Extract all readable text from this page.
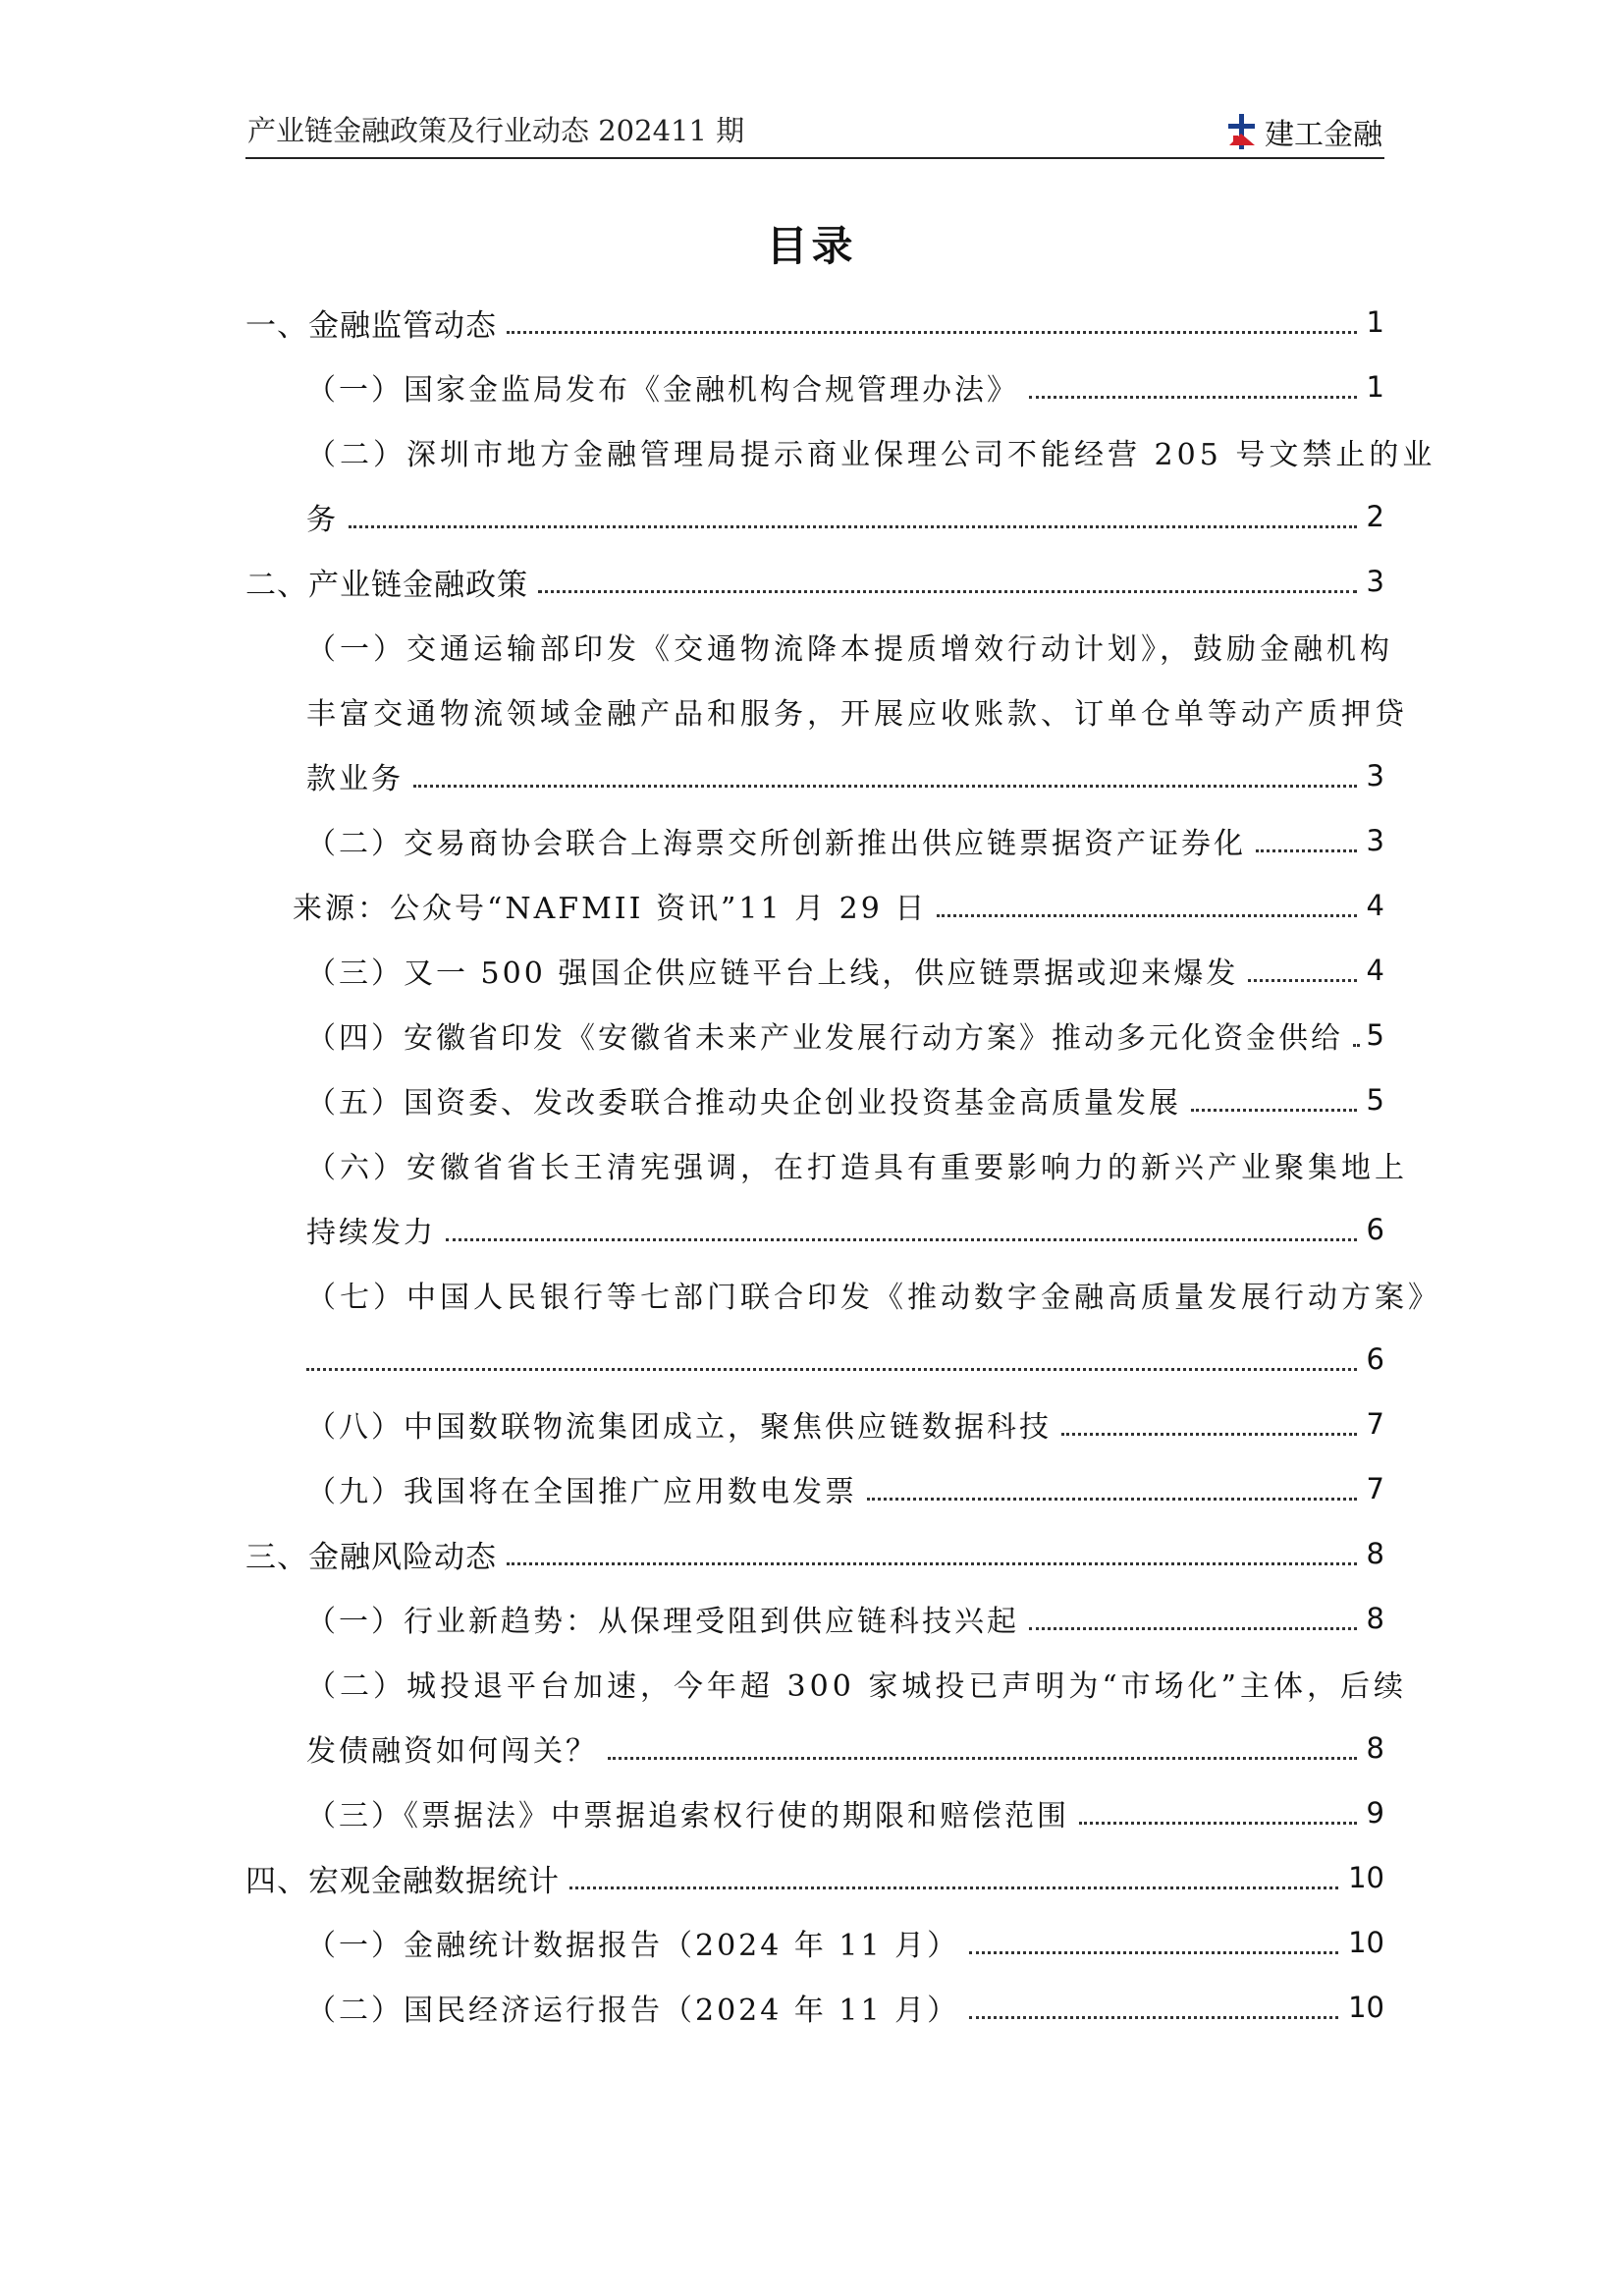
产业链金融政策及行业动态 202411 期	建工金融
目录
一、金融监管动态	1
（一）国家金监局发布《金融机构合规管理办法》	1
（二）深圳市地方金融管理局提示商业保理公司不能经营 205 号文禁止的业
务	2
二、产业链金融政策	3
（一）交通运输部印发《交通物流降本提质增效行动计划》，鼓励金融机构
丰富交通物流领域金融产品和服务，开展应收账款、订单仓单等动产质押贷
款业务	3
（二）交易商协会联合上海票交所创新推出供应链票据资产证券化	3
来源：公众号“NAFMII 资讯”11 月 29 日	4
（三）又一 500 强国企供应链平台上线，供应链票据或迎来爆发	4
（四）安徽省印发《安徽省未来产业发展行动方案》推动多元化资金供给 5
（五）国资委、发改委联合推动央企创业投资基金高质量发展	5
（六）安徽省省长王清宪强调，在打造具有重要影响力的新兴产业聚集地上
持续发力	6
（七）中国人民银行等七部门联合印发《推动数字金融高质量发展行动方案》
6
（八）中国数联物流集团成立，聚焦供应链数据科技	7
（九）我国将在全国推广应用数电发票	7
三、金融风险动态	8
（一）行业新趋势：从保理受阻到供应链科技兴起	8
（二）城投退平台加速，今年超 300 家城投已声明为“市场化”主体，后续
发债融资如何闯关？	8
（三）《票据法》中票据追索权行使的期限和赔偿范围	9
四、宏观金融数据统计	10
（一）金融统计数据报告（2024 年 11 月）	10
（二）国民经济运行报告（2024 年 11 月）	10
